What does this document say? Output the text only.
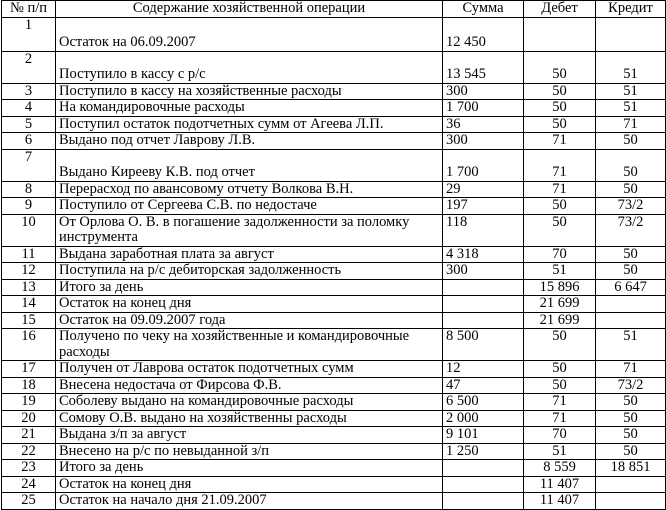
№ п/п	Содержание хозяйственной операции	Сумма	Дебет	Кредит
1	Остаток на 06.09.2007	12 450		
2	Поступило в кассу с р/с	13 545	50	51
3	Поступило в кассу на хозяйственные расходы	300	50	51
4	На командировочные расходы	1 700	50	51
5	Поступил остаток подотчетных сумм от Агеева Л.П.	36	50	71
6	Выдано под отчет Лаврову Л.В.	300	71	50
7	Выдано Киреeву К.В. под отчет	1 700	71	50
8	Перерасход по авансовому отчету Волкова В.Н.	29	71	50
9	Поступило от Сергеева С.В. по недостаче	197	50	73/2
10	От Орлова О. В. в погашение задолженности за поломку инструмента	118	50	73/2
11	Выдана заработная плата за август	4 318	70	50
12	Поступила на р/с дебиторская задолженность	300	51	50
13	Итого за день		15 896	6 647
14	Остаток на конец дня		21 699	
15	Остаток на 09.09.2007 года		21 699	
16	Получено по чеку на хозяйственные и командировочные расходы	8 500	50	51
17	Получен от Лаврова остаток подотчетных сумм	12	50	71
18	Внесена недостача от Фирсова Ф.В.	47	50	73/2
19	Соболеву выдано на командировочные расходы	6 500	71	50
20	Сомову О.В. выдано на хозяйственны расходы	2 000	71	50
21	Выдана з/п за август	9 101	70	50
22	Внесено на р/с по невыданной з/п	1 250	51	50
23	Итого за день		8 559	18 851
24	Остаток на конец дня		11 407	
25	Остаток на начало дня 21.09.2007		11 407	
